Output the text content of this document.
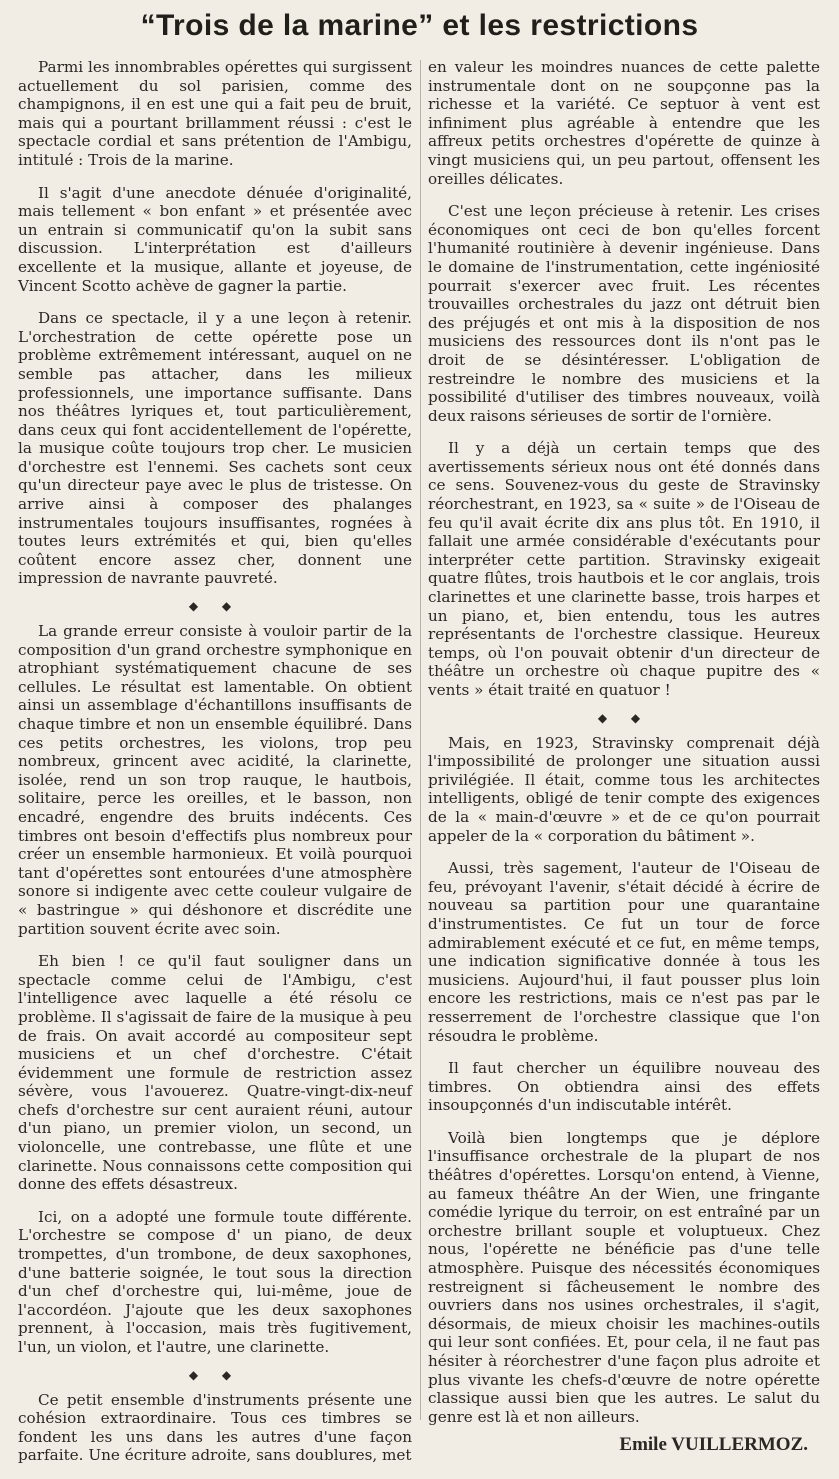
“Trois de la marine” et les restrictions

Parmi les innombrables opérettes qui surgissent actuellement du sol parisien, comme des champignons, il en est une qui a fait peu de bruit, mais qui a pourtant brillamment réussi : c'est le spectacle cordial et sans prétention de l'Ambigu, intitulé : Trois de la marine.

Il s'agit d'une anecdote dénuée d'originalité, mais tellement « bon enfant » et présentée avec un entrain si communicatif qu'on la subit sans discussion. L'interprétation est d'ailleurs excellente et la musique, allante et joyeuse, de Vincent Scotto achève de gagner la partie.

Dans ce spectacle, il y a une leçon à retenir. L'orchestration de cette opérette pose un problème extrêmement intéressant, auquel on ne semble pas attacher, dans les milieux professionnels, une importance suffisante. Dans nos théâtres lyriques et, tout particulièrement, dans ceux qui font accidentellement de l'opérette, la musique coûte toujours trop cher. Le musicien d'orchestre est l'ennemi. Ses cachets sont ceux qu'un directeur paye avec le plus de tristesse. On arrive ainsi à composer des phalanges instrumentales toujours insuffisantes, rognées à toutes leurs extrémités et qui, bien qu'elles coûtent encore assez cher, donnent une impression de navrante pauvreté.

◆ ◆

La grande erreur consiste à vouloir partir de la composition d'un grand orchestre symphonique en atrophiant systématiquement chacune de ses cellules. Le résultat est lamentable. On obtient ainsi un assemblage d'échantillons insuffisants de chaque timbre et non un ensemble équilibré. Dans ces petits orchestres, les violons, trop peu nombreux, grincent avec acidité, la clarinette, isolée, rend un son trop rauque, le hautbois, solitaire, perce les oreilles, et le basson, non encadré, engendre des bruits indécents. Ces timbres ont besoin d'effectifs plus nombreux pour créer un ensemble harmonieux. Et voilà pourquoi tant d'opérettes sont entourées d'une atmosphère sonore si indigente avec cette couleur vulgaire de « bastringue » qui déshonore et discrédite une partition souvent écrite avec soin.

Eh bien ! ce qu'il faut souligner dans un spectacle comme celui de l'Ambigu, c'est l'intelligence avec laquelle a été résolu ce problème. Il s'agissait de faire de la musique à peu de frais. On avait accordé au compositeur sept musiciens et un chef d'orchestre. C'était évidemment une formule de restriction assez sévère, vous l'avouerez. Quatre-vingt-dix-neuf chefs d'orchestre sur cent auraient réuni, autour d'un piano, un premier violon, un second, un violoncelle, une contrebasse, une flûte et une clarinette. Nous connaissons cette composition qui donne des effets désastreux.

Ici, on a adopté une formule toute différente. L'orchestre se compose d' un piano, de deux trompettes, d'un trombone, de deux saxophones, d'une batterie soignée, le tout sous la direction d'un chef d'orchestre qui, lui-même, joue de l'accordéon. J'ajoute que les deux saxophones prennent, à l'occasion, mais très fugitivement, l'un, un violon, et l'autre, une clarinette.

◆ ◆

Ce petit ensemble d'instruments présente une cohésion extraordinaire. Tous ces timbres se fondent les uns dans les autres d'une façon parfaite. Une écriture adroite, sans doublures, met

en valeur les moindres nuances de cette palette instrumentale dont on ne soupçonne pas la richesse et la variété. Ce septuor à vent est infiniment plus agréable à entendre que les affreux petits orchestres d'opérette de quinze à vingt musiciens qui, un peu partout, offensent les oreilles délicates.

C'est une leçon précieuse à retenir. Les crises économiques ont ceci de bon qu'elles forcent l'humanité routinière à devenir ingénieuse. Dans le domaine de l'instrumentation, cette ingéniosité pourrait s'exercer avec fruit. Les récentes trouvailles orchestrales du jazz ont détruit bien des préjugés et ont mis à la disposition de nos musiciens des ressources dont ils n'ont pas le droit de se désintéresser. L'obligation de restreindre le nombre des musiciens et la possibilité d'utiliser des timbres nouveaux, voilà deux raisons sérieuses de sortir de l'ornière.

Il y a déjà un certain temps que des avertissements sérieux nous ont été donnés dans ce sens. Souvenez-vous du geste de Stravinsky réorchestrant, en 1923, sa « suite » de l'Oiseau de feu qu'il avait écrite dix ans plus tôt. En 1910, il fallait une armée considérable d'exécutants pour interpréter cette partition. Stravinsky exigeait quatre flûtes, trois hautbois et le cor anglais, trois clarinettes et une clarinette basse, trois harpes et un piano, et, bien entendu, tous les autres représentants de l'orchestre classique. Heureux temps, où l'on pouvait obtenir d'un directeur de théâtre un orchestre où chaque pupitre des « vents » était traité en quatuor !

◆ ◆

Mais, en 1923, Stravinsky comprenait déjà l'impossibilité de prolonger une situation aussi privilégiée. Il était, comme tous les architectes intelligents, obligé de tenir compte des exigences de la « main-d'œuvre » et de ce qu'on pourrait appeler de la « corporation du bâtiment ».

Aussi, très sagement, l'auteur de l'Oiseau de feu, prévoyant l'avenir, s'était décidé à écrire de nouveau sa partition pour une quarantaine d'instrumentistes. Ce fut un tour de force admirablement exécuté et ce fut, en même temps, une indication significative donnée à tous les musiciens. Aujourd'hui, il faut pousser plus loin encore les restrictions, mais ce n'est pas par le resserrement de l'orchestre classique que l'on résoudra le problème.

Il faut chercher un équilibre nouveau des timbres. On obtiendra ainsi des effets insoupçonnés d'un indiscutable intérêt.

Voilà bien longtemps que je déplore l'insuffisance orchestrale de la plupart de nos théâtres d'opérettes. Lorsqu'on entend, à Vienne, au fameux théâtre An der Wien, une fringante comédie lyrique du terroir, on est entraîné par un orchestre brillant souple et voluptueux. Chez nous, l'opérette ne bénéficie pas d'une telle atmosphère. Puisque des nécessités économiques restreignent si fâcheusement le nombre des ouvriers dans nos usines orchestrales, il s'agit, désormais, de mieux choisir les machines-outils qui leur sont confiées. Et, pour cela, il ne faut pas hésiter à réorchestrer d'une façon plus adroite et plus vivante les chefs-d'œuvre de notre opérette classique aussi bien que les autres. Le salut du genre est là et non ailleurs.

Emile VUILLERMOZ.
